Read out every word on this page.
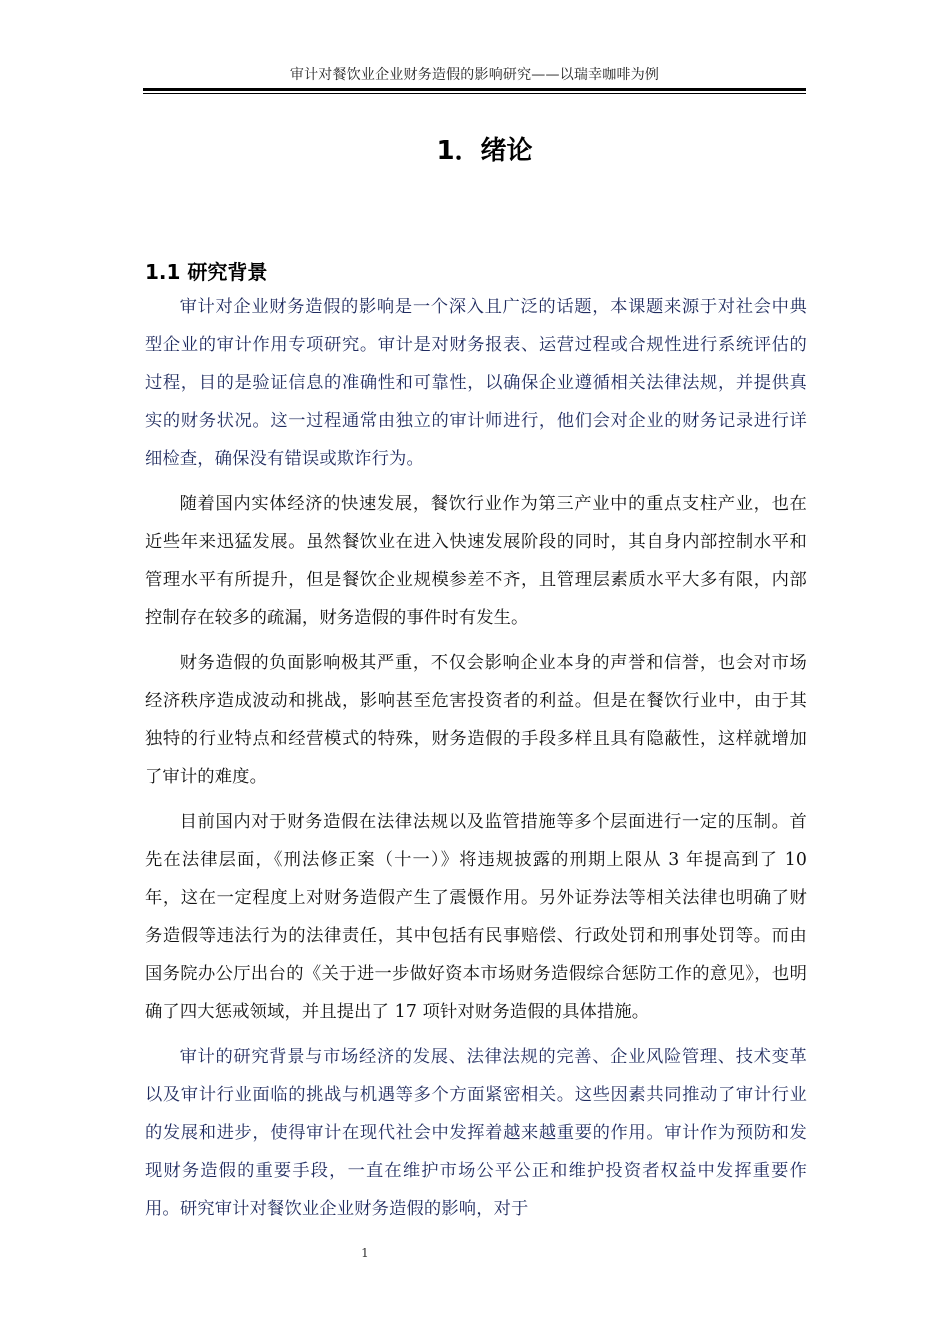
审计对餐饮业企业财务造假的影响研究——以瑞幸咖啡为例
1．绪论
1.1 研究背景

审计对企业财务造假的影响是一个深入且广泛的话题，本课题来源于对社会中典型企业的审计作用专项研究。审计是对财务报表、运营过程或合规性进行系统评估的过程，目的是验证信息的准确性和可靠性，以确保企业遵循相关法律法规，并提供真实的财务状况。这一过程通常由独立的审计师进行，他们会对企业的财务记录进行详细检查，确保没有错误或欺诈行为。

随着国内实体经济的快速发展，餐饮行业作为第三产业中的重点支柱产业，也在近些年来迅猛发展。虽然餐饮业在进入快速发展阶段的同时，其自身内部控制水平和管理水平有所提升，但是餐饮企业规模参差不齐，且管理层素质水平大多有限，内部控制存在较多的疏漏，财务造假的事件时有发生。

财务造假的负面影响极其严重，不仅会影响企业本身的声誉和信誉，也会对市场经济秩序造成波动和挑战，影响甚至危害投资者的利益。但是在餐饮行业中，由于其独特的行业特点和经营模式的特殊，财务造假的手段多样且具有隐蔽性，这样就增加了审计的难度。

目前国内对于财务造假在法律法规以及监管措施等多个层面进行一定的压制。首先在法律层面，《刑法修正案（十一）》将违规披露的刑期上限从 3 年提高到了 10 年，这在一定程度上对财务造假产生了震慑作用。另外证券法等相关法律也明确了财务造假等违法行为的法律责任，其中包括有民事赔偿、行政处罚和刑事处罚等。而由国务院办公厅出台的《关于进一步做好资本市场财务造假综合惩防工作的意见》，也明确了四大惩戒领域，并且提出了 17 项针对财务造假的具体措施。

审计的研究背景与市场经济的发展、法律法规的完善、企业风险管理、技术变革以及审计行业面临的挑战与机遇等多个方面紧密相关。这些因素共同推动了审计行业的发展和进步，使得审计在现代社会中发挥着越来越重要的作用。审计作为预防和发现财务造假的重要手段，一直在维护市场公平公正和维护投资者权益中发挥重要作用。研究审计对餐饮业企业财务造假的影响，对于

1
